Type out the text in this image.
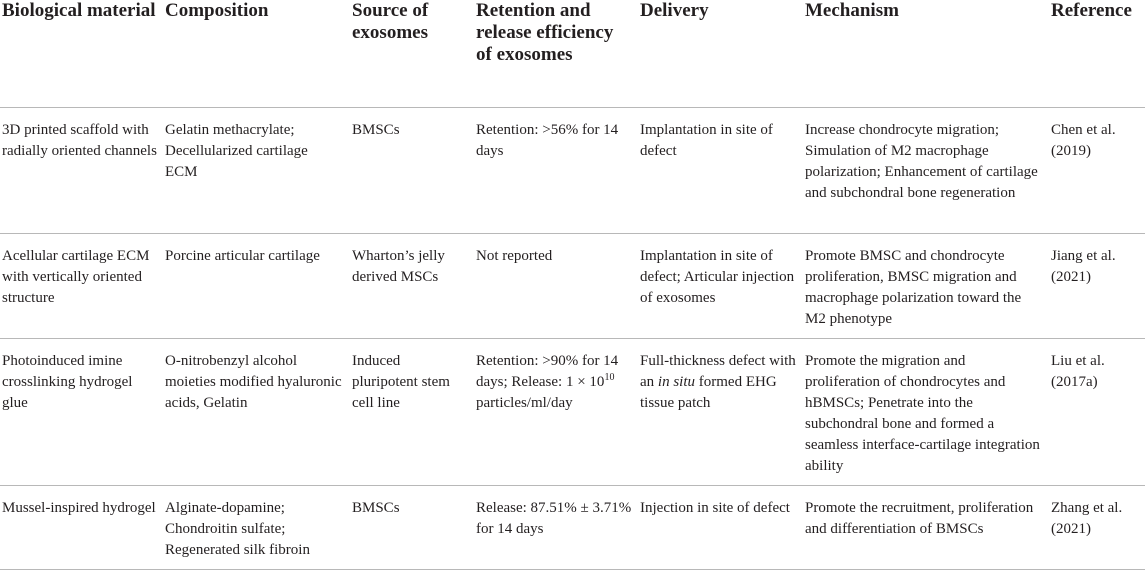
Biological material	Composition	Source of exosomes	Retention and release efficiency of exosomes	Delivery	Mechanism	Reference
3D printed scaffold with radially oriented channels	Gelatin methacrylate; Decellularized cartilage ECM	BMSCs	Retention: >56% for 14 days	Implantation in site of defect	Increase chondrocyte migration; Simulation of M2 macrophage polarization; Enhancement of cartilage and subchondral bone regeneration	Chen et al. (2019)
Acellular cartilage ECM with vertically oriented structure	Porcine articular cartilage	Wharton’s jelly derived MSCs	Not reported	Implantation in site of defect; Articular injection of exosomes	Promote BMSC and chondrocyte proliferation, BMSC migration and macrophage polarization toward the M2 phenotype	Jiang et al. (2021)
Photoinduced imine crosslinking hydrogel glue	O-nitrobenzyl alcohol moieties modified hyaluronic acids, Gelatin	Induced pluripotent stem cell line	Retention: >90% for 14 days; Release: $1 \times 10^{10}$ particles/ml/day	Full-thickness defect with an in situ formed EHG tissue patch	Promote the migration and proliferation of chondrocytes and hBMSCs; Penetrate into the subchondral bone and formed a seamless interface-cartilage integration ability	Liu et al. (2017a)
Mussel-inspired hydrogel	Alginate-dopamine; Chondroitin sulfate; Regenerated silk fibroin	BMSCs	Release: 87.51% ± 3.71% for 14 days	Injection in site of defect	Promote the recruitment, proliferation and differentiation of BMSCs	Zhang et al. (2021)
